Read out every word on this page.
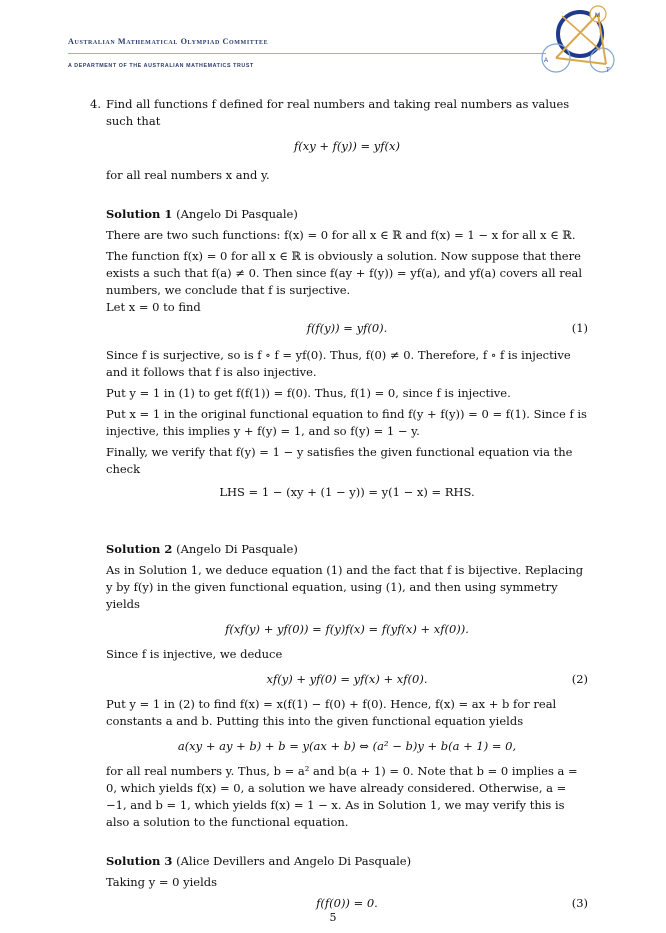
Australian Mathematical Olympiad Committee
A DEPARTMENT OF THE AUSTRALIAN MATHEMATICS TRUST
M
A
T

4. Find all functions f defined for real numbers and taking real numbers as values such that

f(xy + f(y)) = yf(x)

for all real numbers x and y.

Solution 1 (Angelo Di Pasquale)

There are two such functions: f(x) = 0 for all x ∈ ℝ and f(x) = 1 − x for all x ∈ ℝ.

The function f(x) = 0 for all x ∈ ℝ is obviously a solution. Now suppose that there exists a such that f(a) ≠ 0. Then since f(ay + f(y)) = yf(a), and yf(a) covers all real numbers, we conclude that f is surjective.

Let x = 0 to find

f(f(y)) = yf(0).	(1)

Since f is surjective, so is f ∘ f = yf(0). Thus, f(0) ≠ 0. Therefore, f ∘ f is injective and it follows that f is also injective.

Put y = 1 in (1) to get f(f(1)) = f(0). Thus, f(1) = 0, since f is injective.

Put x = 1 in the original functional equation to find f(y + f(y)) = 0 = f(1). Since f is injective, this implies y + f(y) = 1, and so f(y) = 1 − y.

Finally, we verify that f(y) = 1 − y satisfies the given functional equation via the check

LHS = 1 − (xy + (1 − y)) = y(1 − x) = RHS.

Solution 2 (Angelo Di Pasquale)

As in Solution 1, we deduce equation (1) and the fact that f is bijective. Replacing y by f(y) in the given functional equation, using (1), and then using symmetry yields

f(xf(y) + yf(0)) = f(y)f(x) = f(yf(x) + xf(0)).

Since f is injective, we deduce

xf(y) + yf(0) = yf(x) + xf(0).	(2)

Put y = 1 in (2) to find f(x) = x(f(1) − f(0) + f(0). Hence, f(x) = ax + b for real constants a and b. Putting this into the given functional equation yields

a(xy + ay + b) + b = y(ax + b) ⇔ (a² − b)y + b(a + 1) = 0,

for all real numbers y. Thus, b = a² and b(a + 1) = 0. Note that b = 0 implies a = 0, which yields f(x) = 0, a solution we have already considered. Otherwise, a = −1, and b = 1, which yields f(x) = 1 − x. As in Solution 1, we may verify this is also a solution to the functional equation.

Solution 3 (Alice Devillers and Angelo Di Pasquale)

Taking y = 0 yields

f(f(0)) = 0.	(3)
5
